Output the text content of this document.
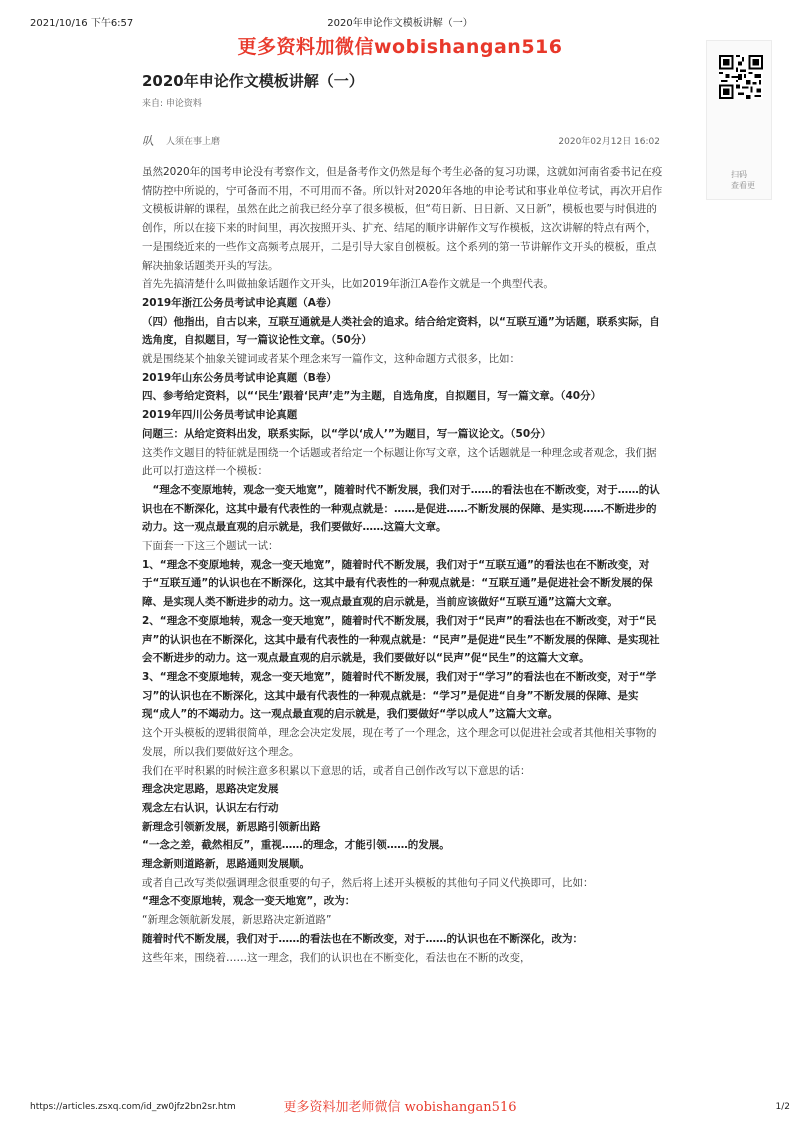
2021/10/16 下午6:57	2020年申论作文模板讲解（一）
更多资料加微信wobishangan516
扫码
查看更
2020年申论作文模板讲解（一）
来自: 申论资料
㕥 人须在事上磨	2020年02月12日 16:02

虽然2020年的国考申论没有考察作文，但是备考作文仍然是每个考生必备的复习功课，这就如河南省委书记在疫情防控中所说的，宁可备而不用，不可用而不备。所以针对2020年各地的申论考试和事业单位考试，再次开启作文模板讲解的课程，虽然在此之前我已经分享了很多模板，但“苟日新、日日新、又日新”，模板也要与时俱进的创作，所以在接下来的时间里，再次按照开头、扩充、结尾的顺序讲解作文写作模板，这次讲解的特点有两个，一是围绕近来的一些作文高频考点展开，二是引导大家自创模板。这个系列的第一节讲解作文开头的模板，重点解决抽象话题类开头的写法。

首先先搞清楚什么叫做抽象话题作文开头，比如2019年浙江A卷作文就是一个典型代表。

2019年浙江公务员考试申论真题（A卷）

（四）他指出，自古以来，互联互通就是人类社会的追求。结合给定资料，以“互联互通”为话题，联系实际，自选角度，自拟题目，写一篇议论性文章。（50分）

就是围绕某个抽象关键词或者某个理念来写一篇作文，这种命题方式很多，比如：

2019年山东公务员考试申论真题（B卷）

四、参考给定资料，以“‘民生’跟着‘民声’走”为主题，自选角度，自拟题目，写一篇文章。（40分）

2019年四川公务员考试申论真题

问题三：从给定资料出发，联系实际，以“学以‘成人’”为题目，写一篇议论文。（50分）

这类作文题目的特征就是围绕一个话题或者给定一个标题让你写文章，这个话题就是一种理念或者观念，我们据此可以打造这样一个模板：

　“理念不变原地转，观念一变天地宽”，随着时代不断发展，我们对于……的看法也在不断改变，对于……的认识也在不断深化，这其中最有代表性的一种观点就是：……是促进……不断发展的保障、是实现……不断进步的动力。这一观点最直观的启示就是，我们要做好……这篇大文章。

下面套一下这三个题试一试：

1、“理念不变原地转，观念一变天地宽”，随着时代不断发展，我们对于“互联互通”的看法也在不断改变，对于“互联互通”的认识也在不断深化，这其中最有代表性的一种观点就是：“互联互通”是促进社会不断发展的保障、是实现人类不断进步的动力。这一观点最直观的启示就是，当前应该做好“互联互通”这篇大文章。

2、“理念不变原地转，观念一变天地宽”，随着时代不断发展，我们对于“民声”的看法也在不断改变，对于“民声”的认识也在不断深化，这其中最有代表性的一种观点就是：“民声”是促进“民生”不断发展的保障、是实现社会不断进步的动力。这一观点最直观的启示就是，我们要做好以“民声”促“民生”的这篇大文章。

3、“理念不变原地转，观念一变天地宽”，随着时代不断发展，我们对于“学习”的看法也在不断改变，对于“学习”的认识也在不断深化，这其中最有代表性的一种观点就是：“学习”是促进“自身”不断发展的保障、是实现“成人”的不竭动力。这一观点最直观的启示就是，我们要做好“学以成人”这篇大文章。

这个开头模板的逻辑很简单，理念会决定发展，现在考了一个理念，这个理念可以促进社会或者其他相关事物的发展，所以我们要做好这个理念。

我们在平时积累的时候注意多积累以下意思的话，或者自己创作改写以下意思的话：

理念决定思路，思路决定发展

观念左右认识，认识左右行动

新理念引领新发展，新思路引领新出路

“一念之差，截然相反”，重视……的理念，才能引领……的发展。

理念新则道路新，思路通则发展顺。

或者自己改写类似强调理念很重要的句子，然后将上述开头模板的其他句子同义代换即可，比如：

“理念不变原地转，观念一变天地宽”，改为：

“新理念领航新发展，新思路决定新道路”

随着时代不断发展，我们对于……的看法也在不断改变，对于……的认识也在不断深化，改为：

这些年来，围绕着……这一理念，我们的认识也在不断变化，看法也在不断的改变，

https://articles.zsxq.com/id_zw0jfz2bn2sr.htm	1/2
更多资料加老师微信 wobishangan516
